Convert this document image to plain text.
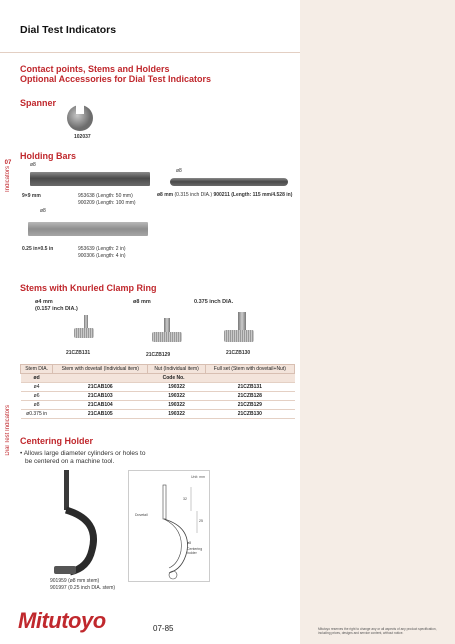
Dial Test Indicators
Contact points, Stems and Holders
Optional Accessories for Dial Test Indicators
Spanner
102037
Holding Bars
ø8
9×9 mm	953638 (Length: 50 mm)
900209 (Length: 100 mm)
ø8
ø8 mm (0.315 inch DIA.) 900211 (Length: 115 mm/4.528 in)
ø8
0.25 in×0.5 in	953639 (Length: 2 in)
900306 (Length: 4 in)
07
Indicators
Stems with Knurled Clamp Ring
ø4 mm
(0.157 inch DIA.)
ø8 mm	0.375 inch DIA.
21CZB131	21CZB129	21CZB130
Stem DIA.	Stem with dovetail (Individual item)	Nut (Individual item)	Full set (Stem with dovetail+Nut)
ød	Code No.		
ø4	21CAB106	190322	21CZB131
ø6	21CAB103	190322	21CZB128
ø8	21CAB104	190322	21CZB129
ø0.375 in	21CAB105	190322	21CZB130
Dial Test Indicators Centering Holder
• Allows large diameter cylinders or holes to
be centered on a machine tool.
901959 (ø8 mm stem)
901997 (0.25 inch DIA. stem)
Unit: mm
Dovetail
32
25
ø8
Centering
holder
Mitutoyo	07-85	Mitutoyo reserves the right to change any or all aspects of any product specification, including prices, designs and service content, without notice.
